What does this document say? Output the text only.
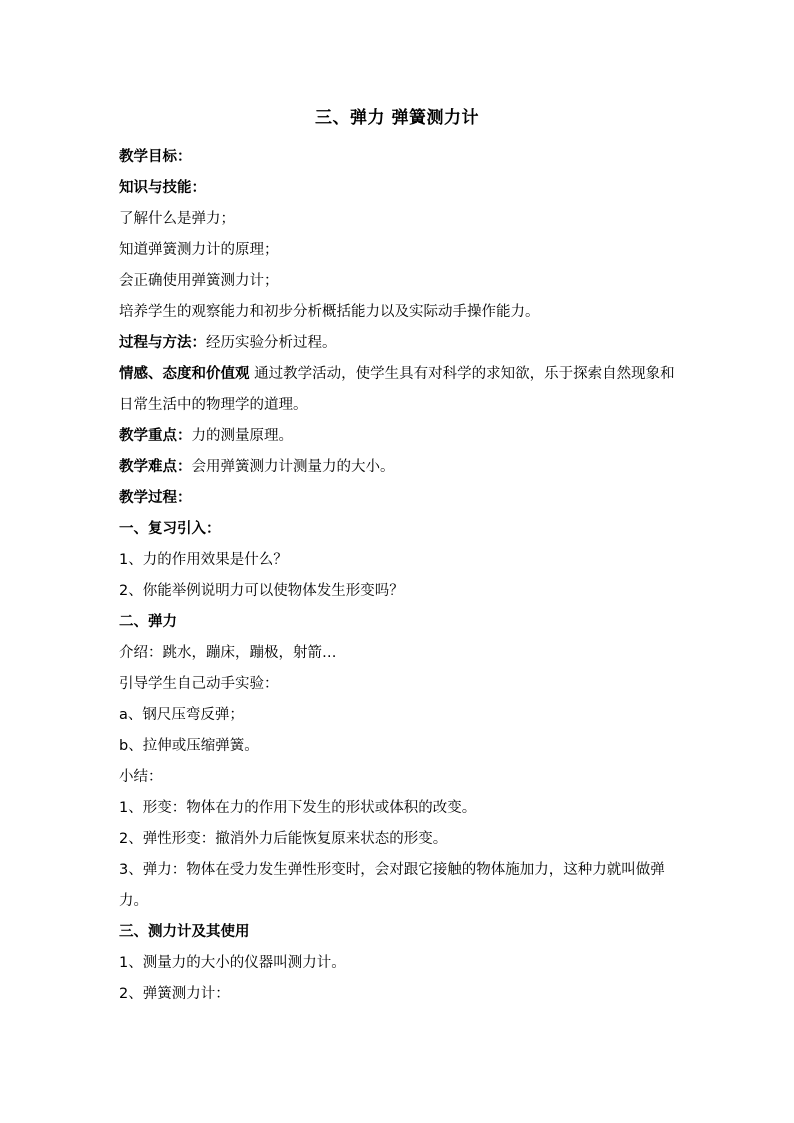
三、弹力 弹簧测力计
教学目标：
知识与技能：
了解什么是弹力；
知道弹簧测力计的原理；
会正确使用弹簧测力计；
培养学生的观察能力和初步分析概括能力以及实际动手操作能力。
过程与方法：经历实验分析过程。
情感、态度和价值观 通过教学活动，使学生具有对科学的求知欲，乐于探索自然现象和日常生活中的物理学的道理。
教学重点：力的测量原理。
教学难点：会用弹簧测力计测量力的大小。
教学过程：
一、复习引入：
1、力的作用效果是什么？
2、你能举例说明力可以使物体发生形变吗？
二、弹力
介绍：跳水，蹦床，蹦极，射箭…
引导学生自己动手实验：
a、钢尺压弯反弹；
b、拉伸或压缩弹簧。
小结：
1、形变：物体在力的作用下发生的形状或体积的改变。
2、弹性形变：撤消外力后能恢复原来状态的形变。
3、弹力：物体在受力发生弹性形变时，会对跟它接触的物体施加力，这种力就叫做弹力。
三、测力计及其使用
1、测量力的大小的仪器叫测力计。
2、弹簧测力计：
